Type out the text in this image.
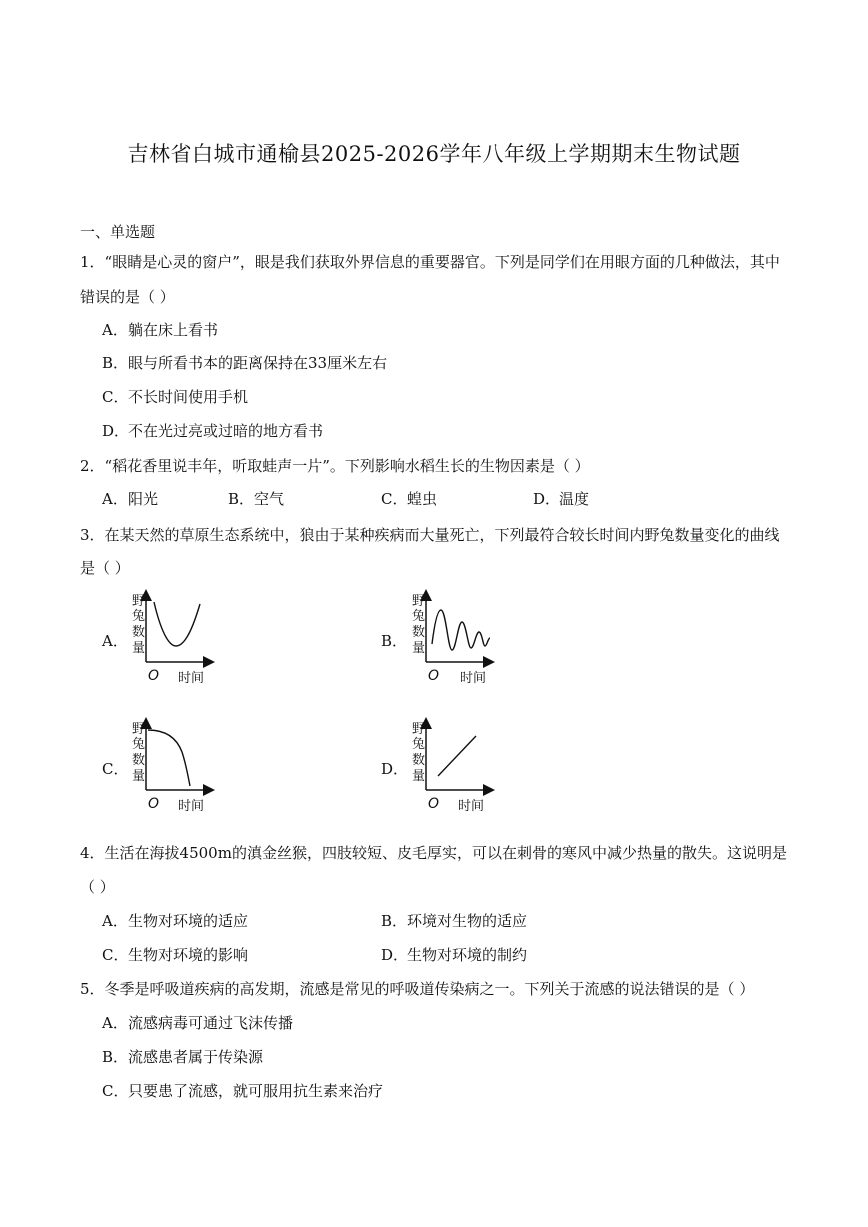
吉林省白城市通榆县2025-2026学年八年级上学期期末生物试题
一、单选题
1．“眼睛是心灵的窗户”，眼是我们获取外界信息的重要器官。下列是同学们在用眼方面的几种做法，其中
错误的是（ ）
A．躺在床上看书
B．眼与所看书本的距离保持在33厘米左右
C．不长时间使用手机
D．不在光过亮或过暗的地方看书
2．“稻花香里说丰年，听取蛙声一片”。下列影响水稻生长的生物因素是（ ）
A．阳光	B．空气	C．蝗虫	D．温度
3．在某天然的草原生态系统中，狼由于某种疾病而大量死亡，下列最符合较长时间内野兔数量变化的曲线
是（ ）
A．	B．
C．	D．
野
兔
数
量
O 时间
野
兔
数
量
O 时间
野
兔
数
量
O 时间
野
兔
数
量
O 时间
4．生活在海拔4500m的滇金丝猴，四肢较短、皮毛厚实，可以在刺骨的寒风中减少热量的散失。这说明是
（ ）
A．生物对环境的适应	B．环境对生物的适应
C．生物对环境的影响	D．生物对环境的制约
5．冬季是呼吸道疾病的高发期，流感是常见的呼吸道传染病之一。下列关于流感的说法错误的是（ ）
A．流感病毒可通过飞沫传播
B．流感患者属于传染源
C．只要患了流感，就可服用抗生素来治疗
